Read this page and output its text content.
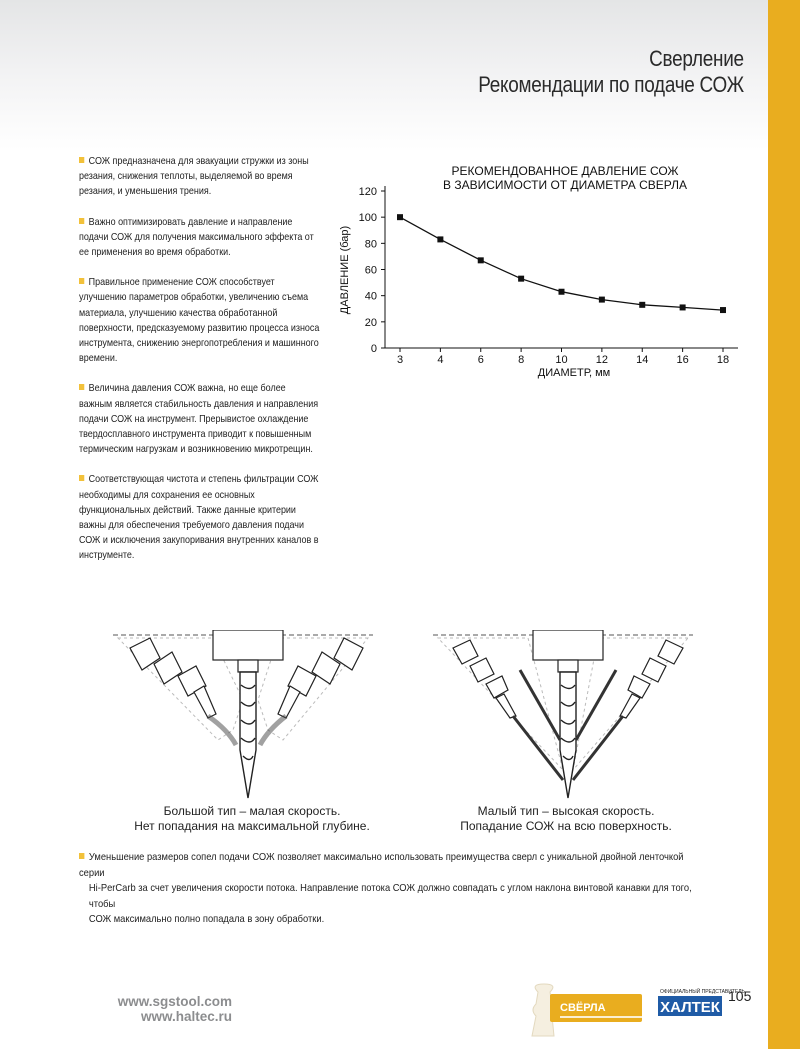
Сверление
Рекомендации по подаче СОЖ
СОЖ предназначена для эвакуации стружки из зоны резания, снижения теплоты, выделяемой во время резания, и уменьшения трения.
Важно оптимизировать давление и направление подачи СОЖ для получения максимального эффекта от ее применения во время обработки.
Правильное применение СОЖ способствует улучшению параметров обработки, увеличению съема материала, улучшению качества обработанной поверхности, предсказуемому развитию процесса износа инструмента, снижению энергопотребления и машинного времени.
Величина давления СОЖ важна, но еще более важным является стабильность давления и направления подачи СОЖ на инструмент. Прерывистое охлаждение твердосплавного инструмента приводит к повышенным термическим нагрузкам и возникновению микротрещин.
Соответствующая чистота и степень фильтрации СОЖ необходимы для сохранения ее основных функциональных действий. Также данные критерии важны для обеспечения требуемого давления подачи СОЖ и исключения закупоривания внутренних каналов в инструменте.
РЕКОМЕНДОВАННОЕ ДАВЛЕНИЕ СОЖ
В ЗАВИСИМОСТИ ОТ ДИАМЕТРА СВЕРЛА
ДАВЛЕНИЕ (бар)
ДИАМЕТР, мм
0
20
40
60
80
100
120
3	4	6	8	10	12	14	16	18
Большой тип – малая скорость.
Нет попадания на максимальной глубине.
Малый тип – высокая скорость.
Попадание СОЖ на всю поверхность.
Уменьшение размеров сопел подачи СОЖ позволяет максимально использовать преимущества сверл с уникальной двойной ленточкой серии
Hi-PerCarb за счет увеличения скорости потока. Направление потока СОЖ должно совпадать с углом наклона винтовой канавки для того, чтобы
СОЖ максимально полно попадала в зону обработки.
www.sgstool.com
www.haltec.ru
СВЁРЛА
ОФИЦИАЛЬНЫЙ ПРЕДСТАВИТЕЛЬ
ХАЛТЕК
105
